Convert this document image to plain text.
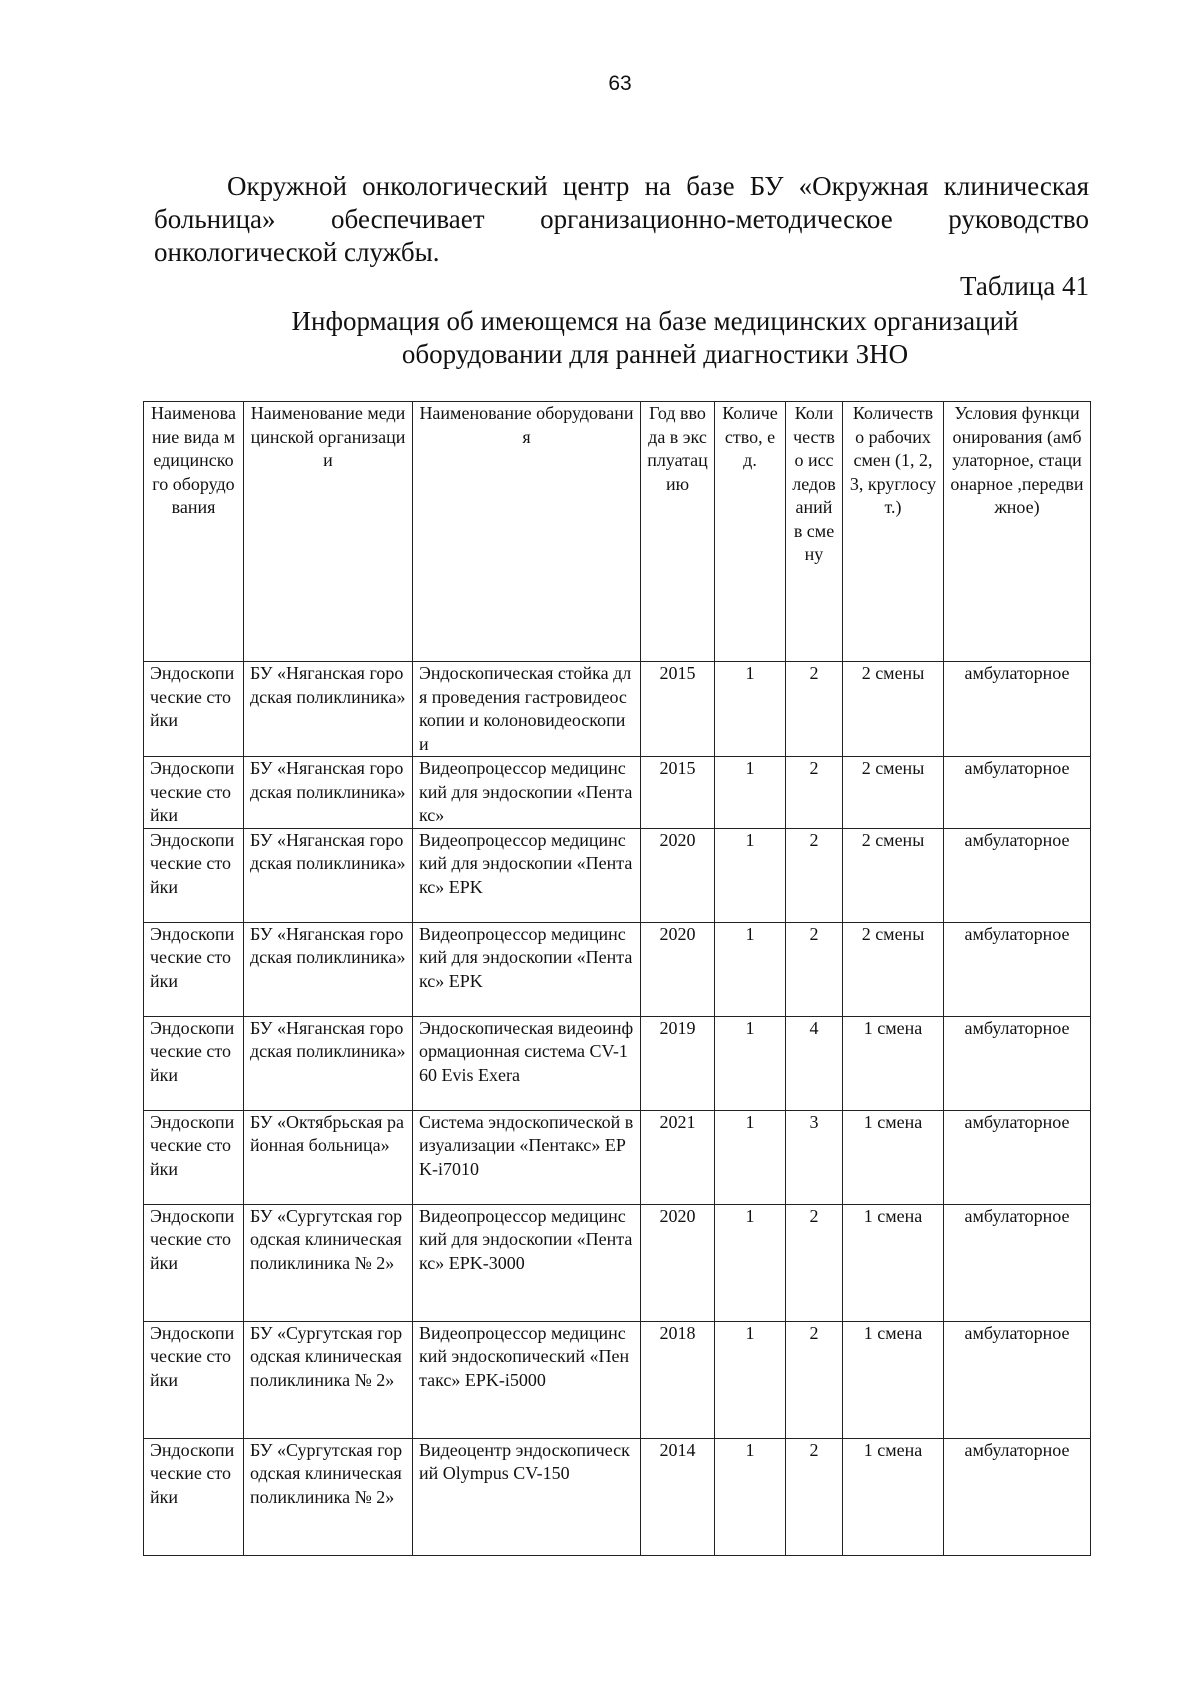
63

Окружной онкологический центр на базе БУ «Окружная клиническая больница» обеспечивает организационно-методическое руководство онкологической службы.

Таблица 41
Информация об имеющемся на базе медицинских организаций
оборудовании для ранней диагностики ЗНО
Наименование вида медицинского оборудования	Наименование медицинской организации	Наименование оборудования	Год ввода в эксплуатацию	Количество, ед.	Количество исследований в смену	Количество рабочих смен (1, 2, 3, круглосут.)	Условия функционирования (амбулаторное, стационарное ,передвижное)
Эндоскопические стойки	БУ «Няганская городская поликлиника»	Эндоскопическая стойка для проведения гастровидеоскопии и колоновидеоскопии	2015	1	2	2 смены	амбулаторное
Эндоскопические стойки	БУ «Няганская городская поликлиника»	Видеопроцессор медицинский для эндоскопии «Пентакс»	2015	1	2	2 смены	амбулаторное
Эндоскопические стойки	БУ «Няганская городская поликлиника»	Видеопроцессор медицинский для эндоскопии «Пентакс» EPK	2020	1	2	2 смены	амбулаторное
Эндоскопические стойки	БУ «Няганская городская поликлиника»	Видеопроцессор медицинский для эндоскопии «Пентакс» EPK	2020	1	2	2 смены	амбулаторное
Эндоскопические стойки	БУ «Няганская городская поликлиника»	Эндоскопическая видеоинформационная система CV-160 Evis Exera	2019	1	4	1 смена	амбулаторное
Эндоскопические стойки	БУ «Октябрьская районная больница»	Система эндоскопической визуализации «Пентакс» EPK-i7010	2021	1	3	1 смена	амбулаторное
Эндоскопические стойки	БУ «Сургутская городская клиническая поликлиника № 2»	Видеопроцессор медицинский для эндоскопии «Пентакс» EPK-3000	2020	1	2	1 смена	амбулаторное
Эндоскопические стойки	БУ «Сургутская городская клиническая поликлиника № 2»	Видеопроцессор медицинский эндоскопический «Пентакс» EPK-i5000	2018	1	2	1 смена	амбулаторное
Эндоскопические стойки	БУ «Сургутская городская клиническая поликлиника № 2»	Видеоцентр эндоскопический Olympus CV-150	2014	1	2	1 смена	амбулаторное
